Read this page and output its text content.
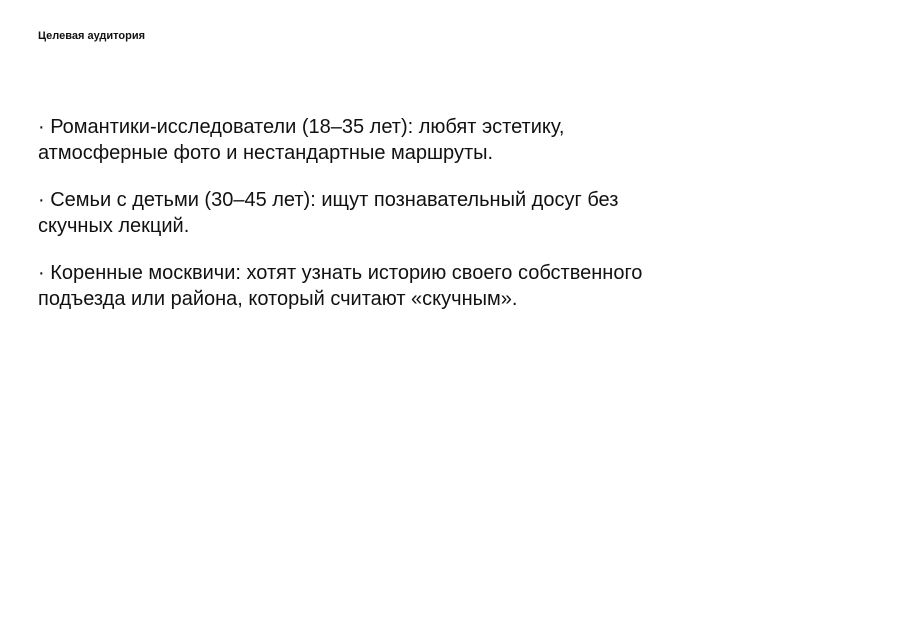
Целевая аудитория
· Романтики-исследователи (18–35 лет): любят эстетику,
атмосферные фото и нестандартные маршруты.
· Семьи с детьми (30–45 лет): ищут познавательный досуг без
скучных лекций.
· Коренные москвичи: хотят узнать историю своего собственного
подъезда или района, который считают «скучным».
